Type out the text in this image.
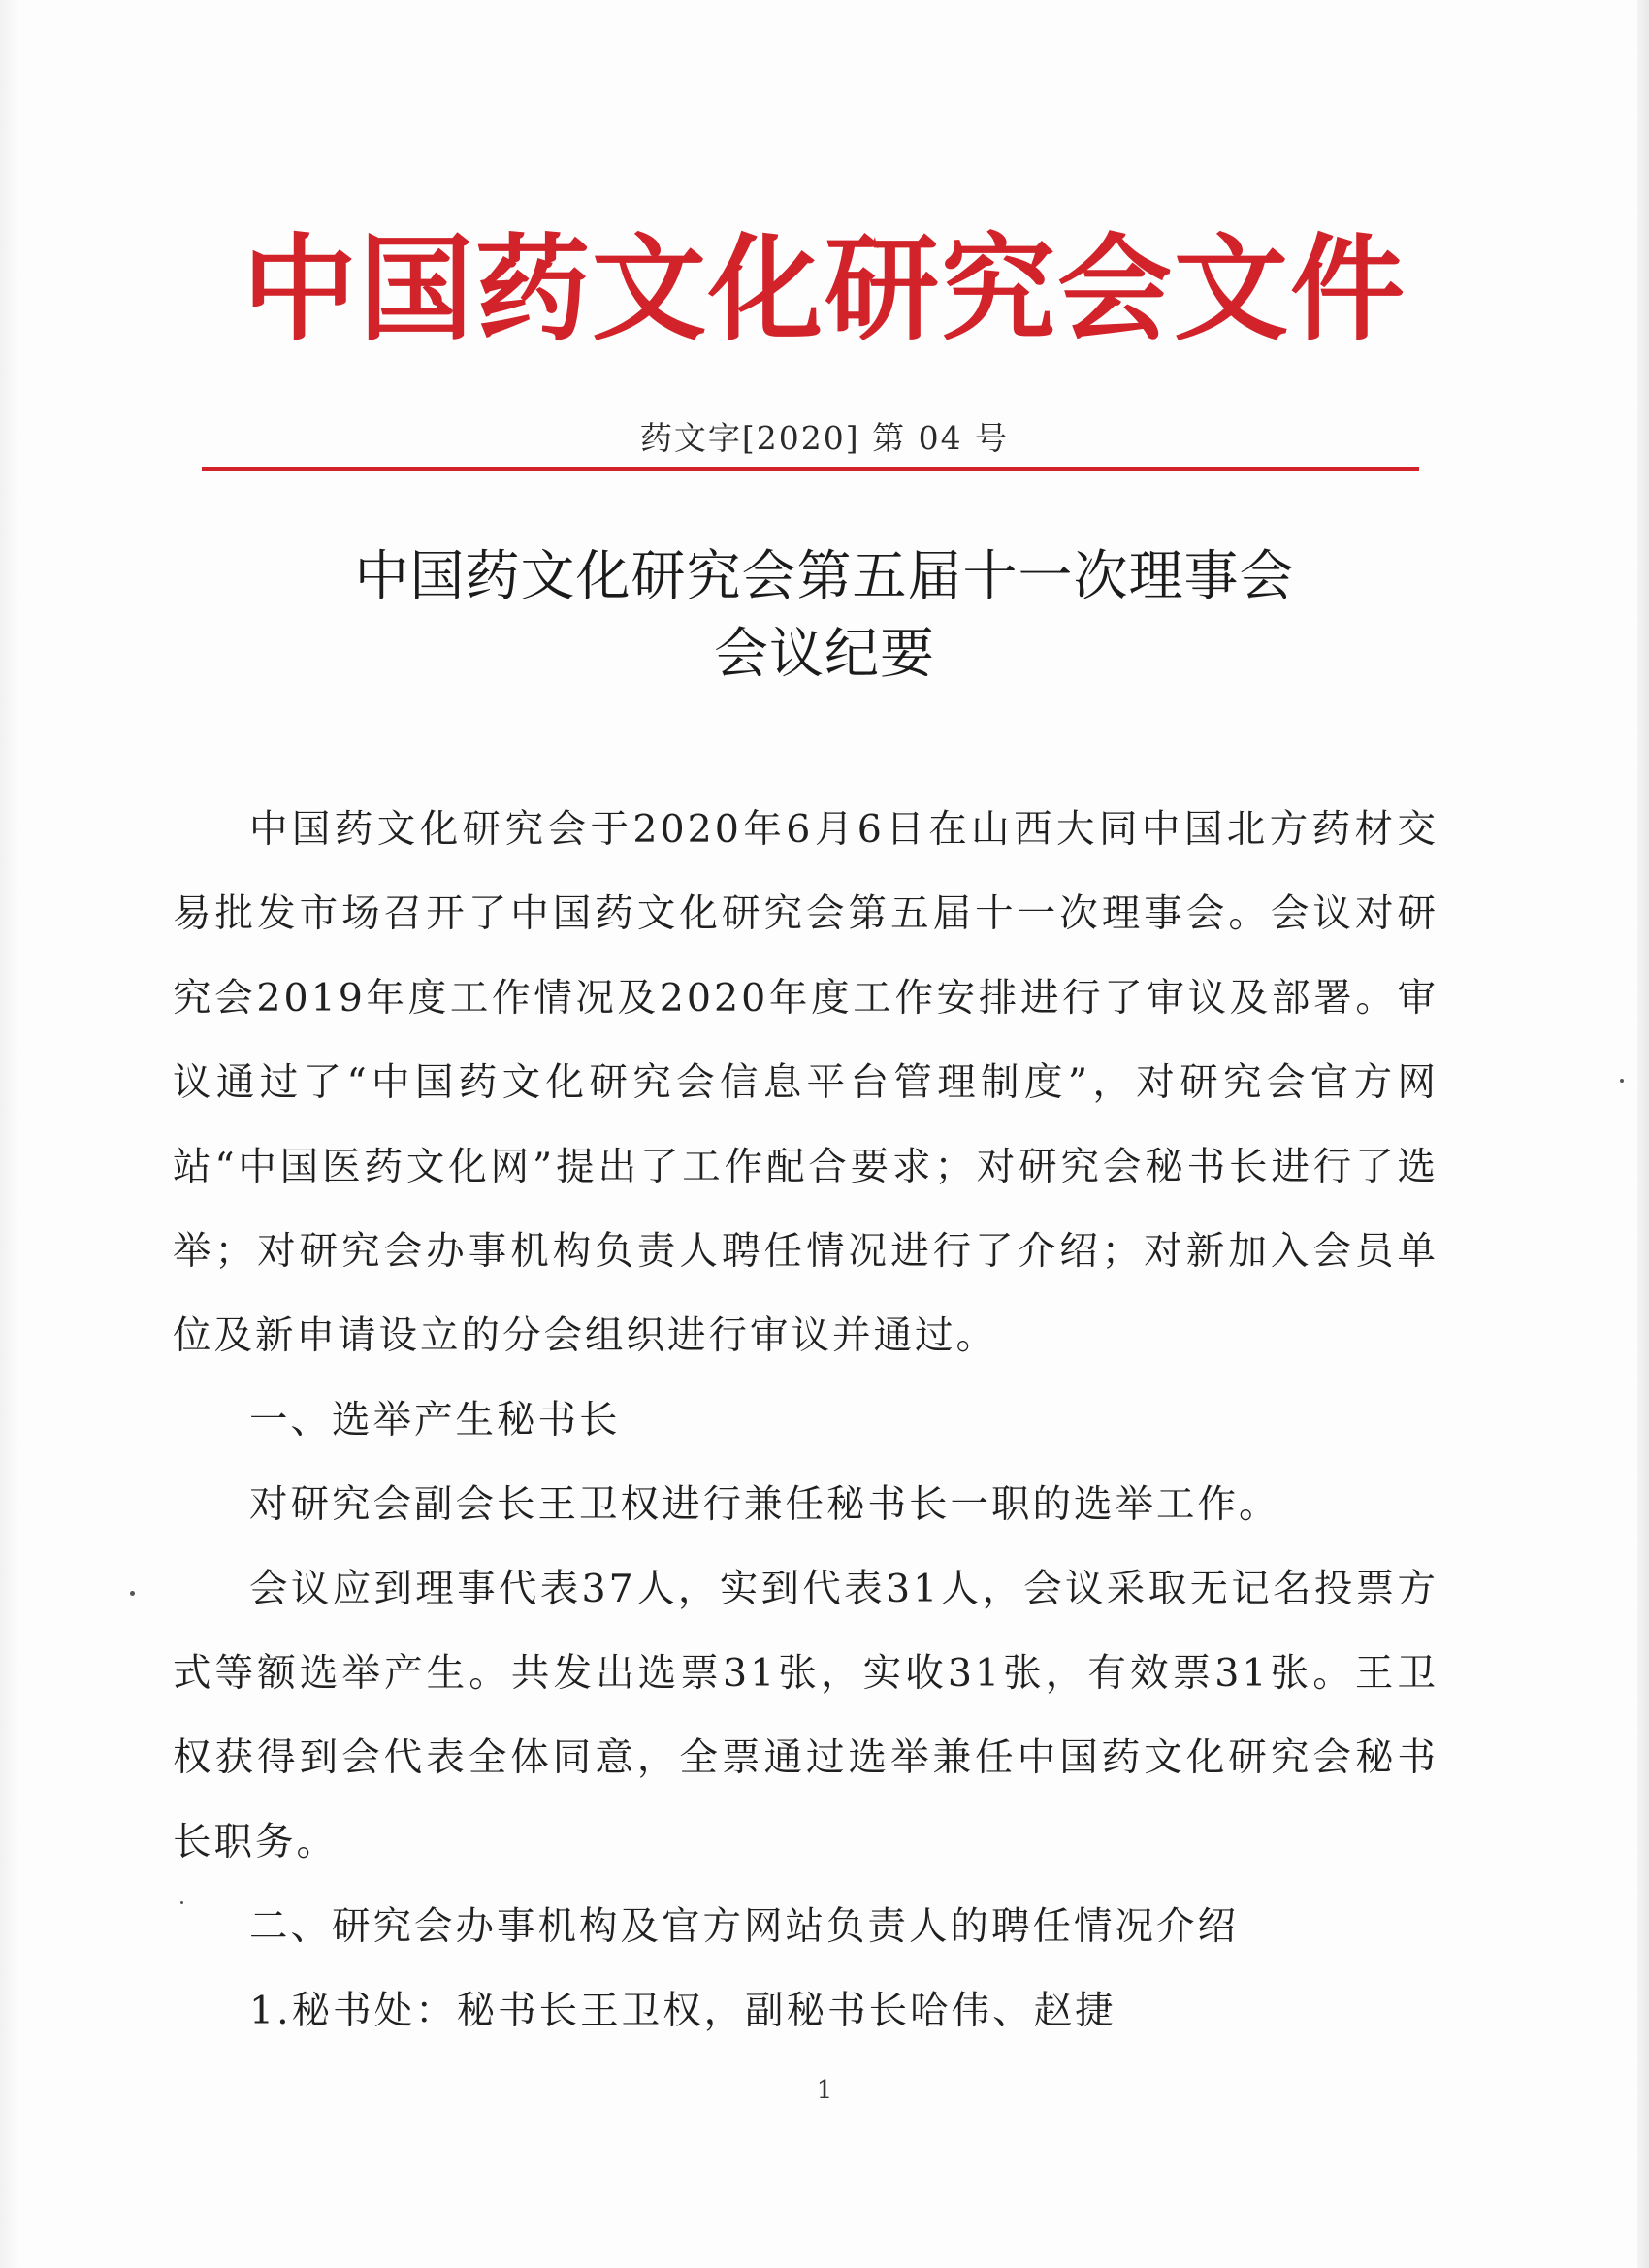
中国药文化研究会文件
药文字[2020] 第 04 号
中国药文化研究会第五届十一次理事会
会议纪要

中国药文化研究会于2020年6月6日在山西大同中国北方药材交易批发市场召开了中国药文化研究会第五届十一次理事会。会议对研究会2019年度工作情况及2020年度工作安排进行了审议及部署。审议通过了“中国药文化研究会信息平台管理制度”，对研究会官方网站“中国医药文化网”提出了工作配合要求；对研究会秘书长进行了选举；对研究会办事机构负责人聘任情况进行了介绍；对新加入会员单位及新申请设立的分会组织进行审议并通过。

一、选举产生秘书长

对研究会副会长王卫权进行兼任秘书长一职的选举工作。

会议应到理事代表37人，实到代表31人，会议采取无记名投票方式等额选举产生。共发出选票31张，实收31张，有效票31张。王卫权获得到会代表全体同意，全票通过选举兼任中国药文化研究会秘书长职务。

二、研究会办事机构及官方网站负责人的聘任情况介绍

1.秘书处：秘书长王卫权，副秘书长哈伟、赵捷

1
